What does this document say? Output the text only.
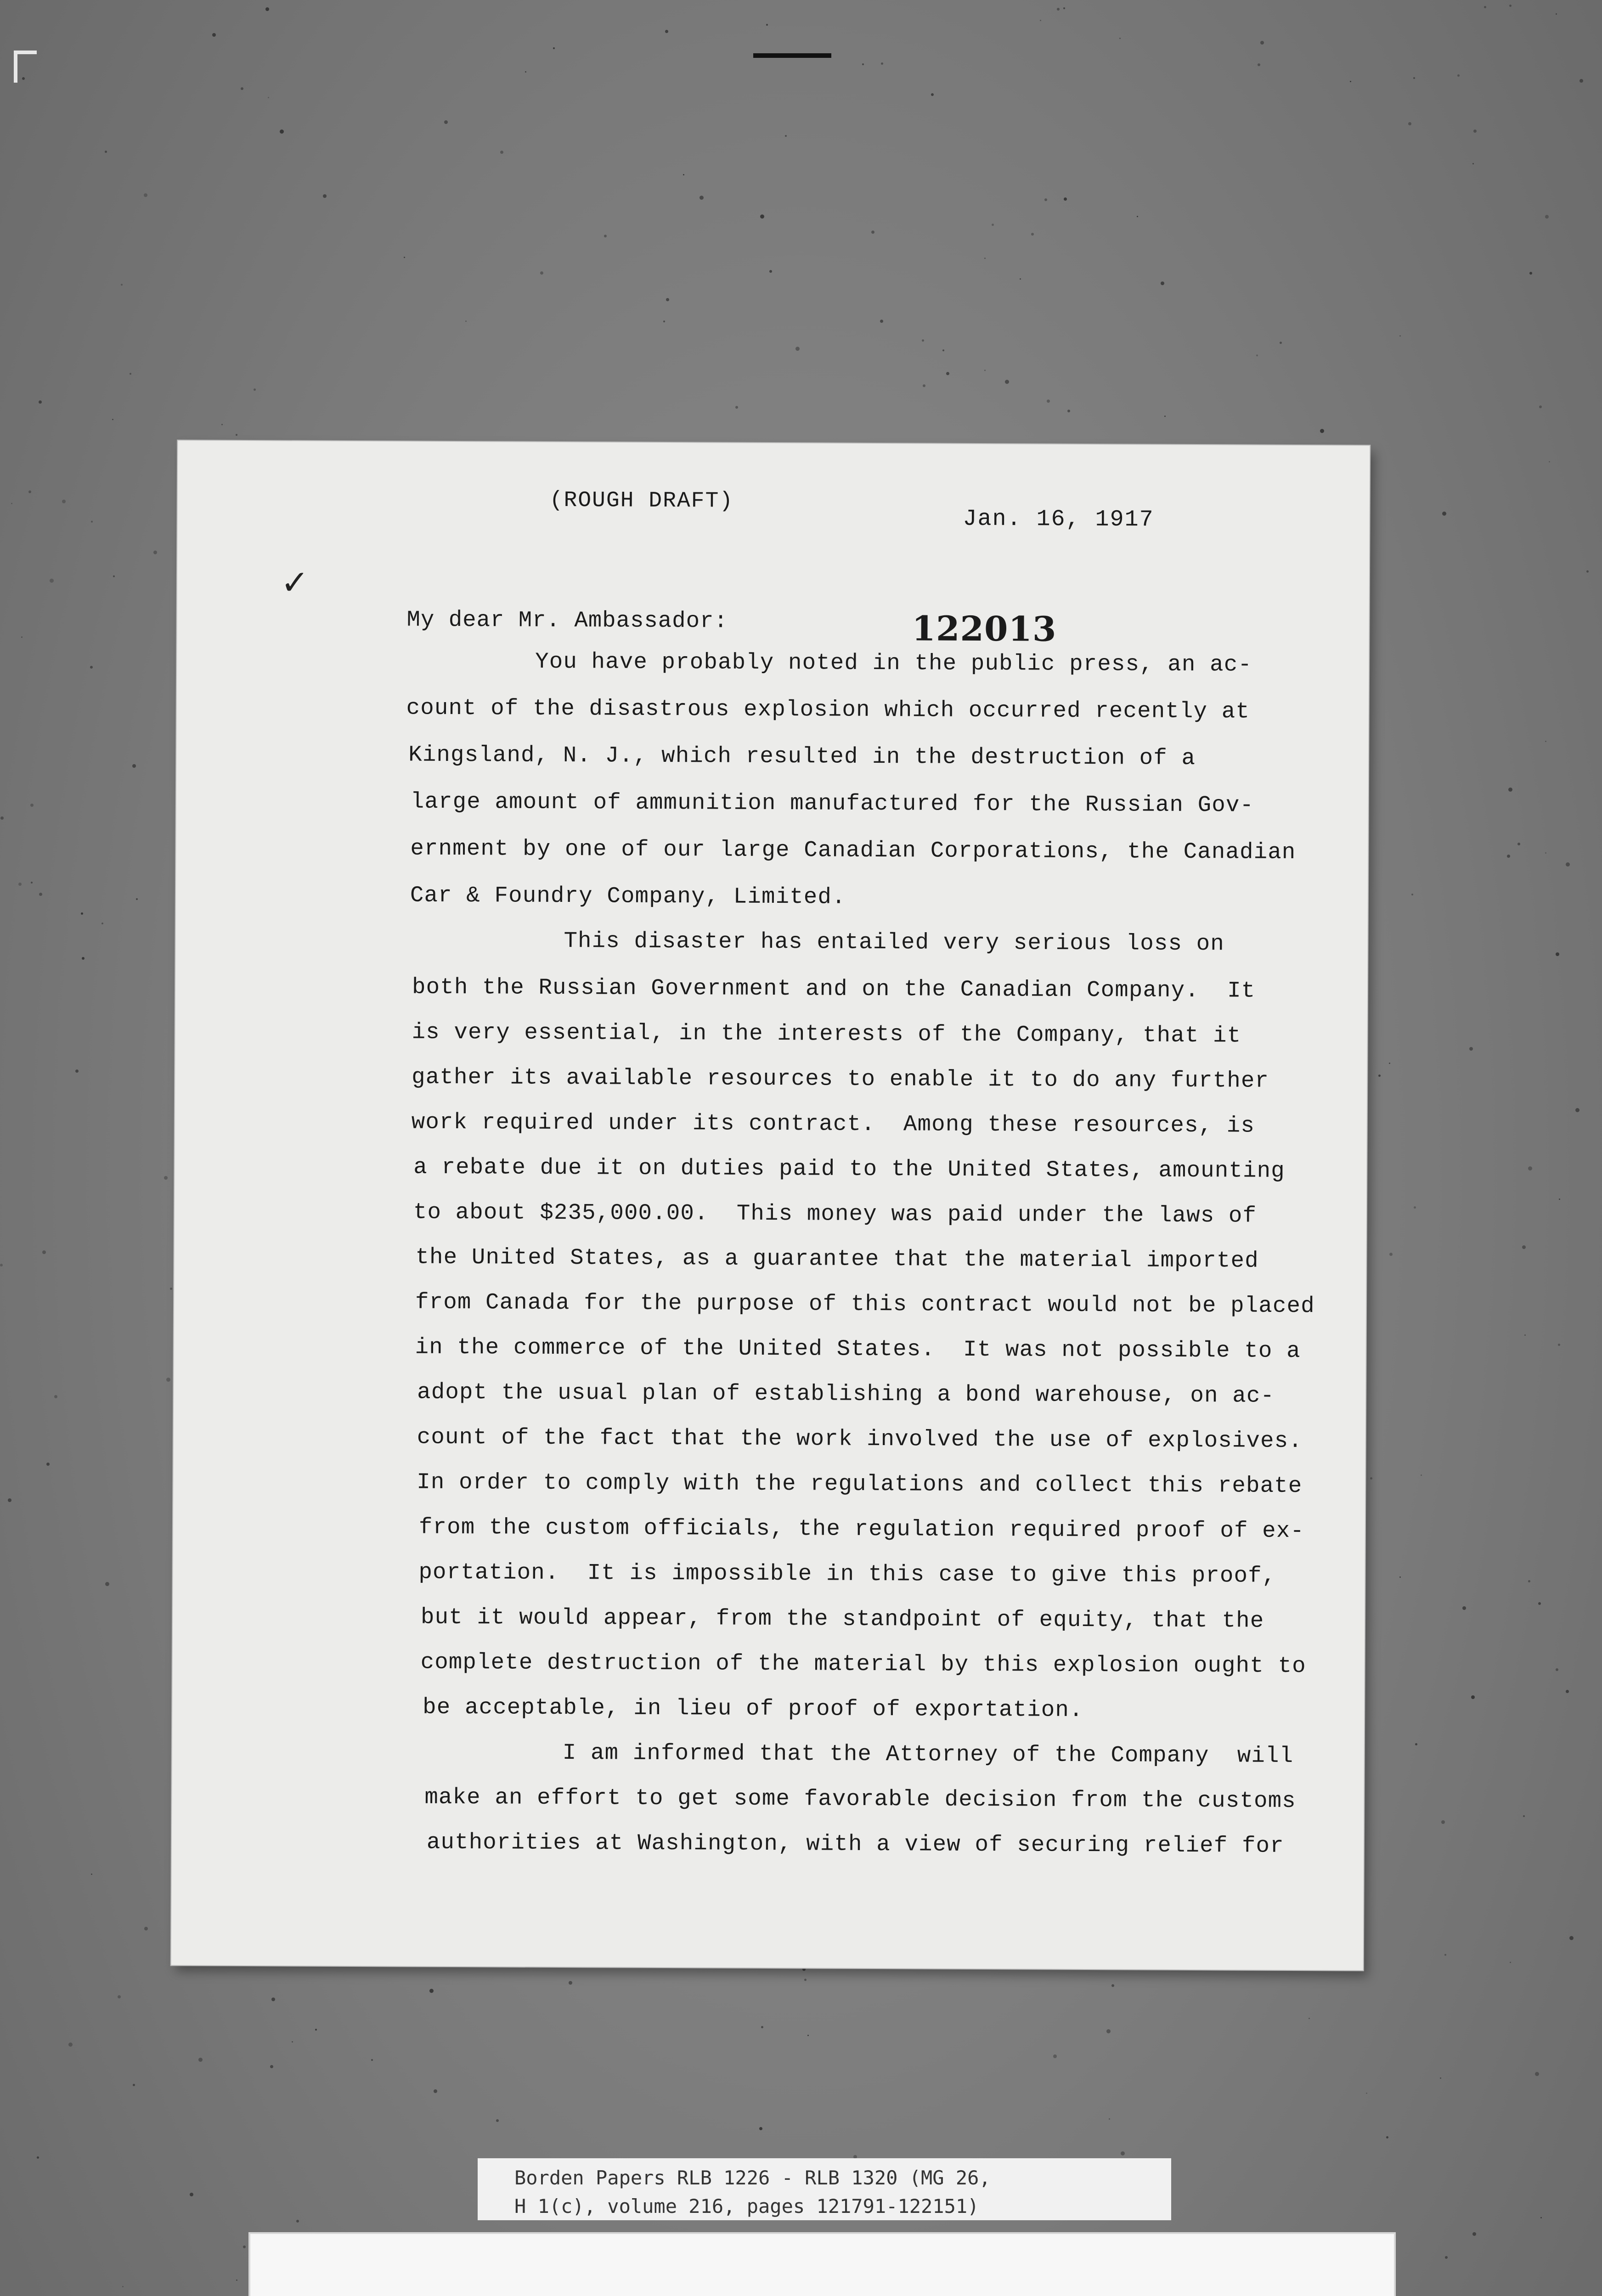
✓
(ROUGH DRAFT)
Jan. 16, 1917
My dear Mr. Ambassador:	122013
You have probably noted in the public press, an ac-
count of the disastrous explosion which occurred recently at
Kingsland, N. J., which resulted in the destruction of a
large amount of ammunition manufactured for the Russian Gov-
ernment by one of our large Canadian Corporations, the Canadian
Car & Foundry Company, Limited.
This disaster has entailed very serious loss on
both the Russian Government and on the Canadian Company.  It
is very essential, in the interests of the Company, that it
gather its available resources to enable it to do any further
work required under its contract.  Among these resources, is
a rebate due it on duties paid to the United States, amounting
to about $235,000.00.  This money was paid under the laws of
the United States, as a guarantee that the material imported
from Canada for the purpose of this contract would not be placed
in the commerce of the United States.  It was not possible to a
adopt the usual plan of establishing a bond warehouse, on ac-
count of the fact that the work involved the use of explosives.
In order to comply with the regulations and collect this rebate
from the custom officials, the regulation required proof of ex-
portation.  It is impossible in this case to give this proof,
but it would appear, from the standpoint of equity, that the
complete destruction of the material by this explosion ought to
be acceptable, in lieu of proof of exportation.
I am informed that the Attorney of the Company  will
make an effort to get some favorable decision from the customs
authorities at Washington, with a view of securing relief for
Borden Papers RLB 1226 - RLB 1320 (MG 26,
H 1(c), volume 216, pages 121791-122151)
